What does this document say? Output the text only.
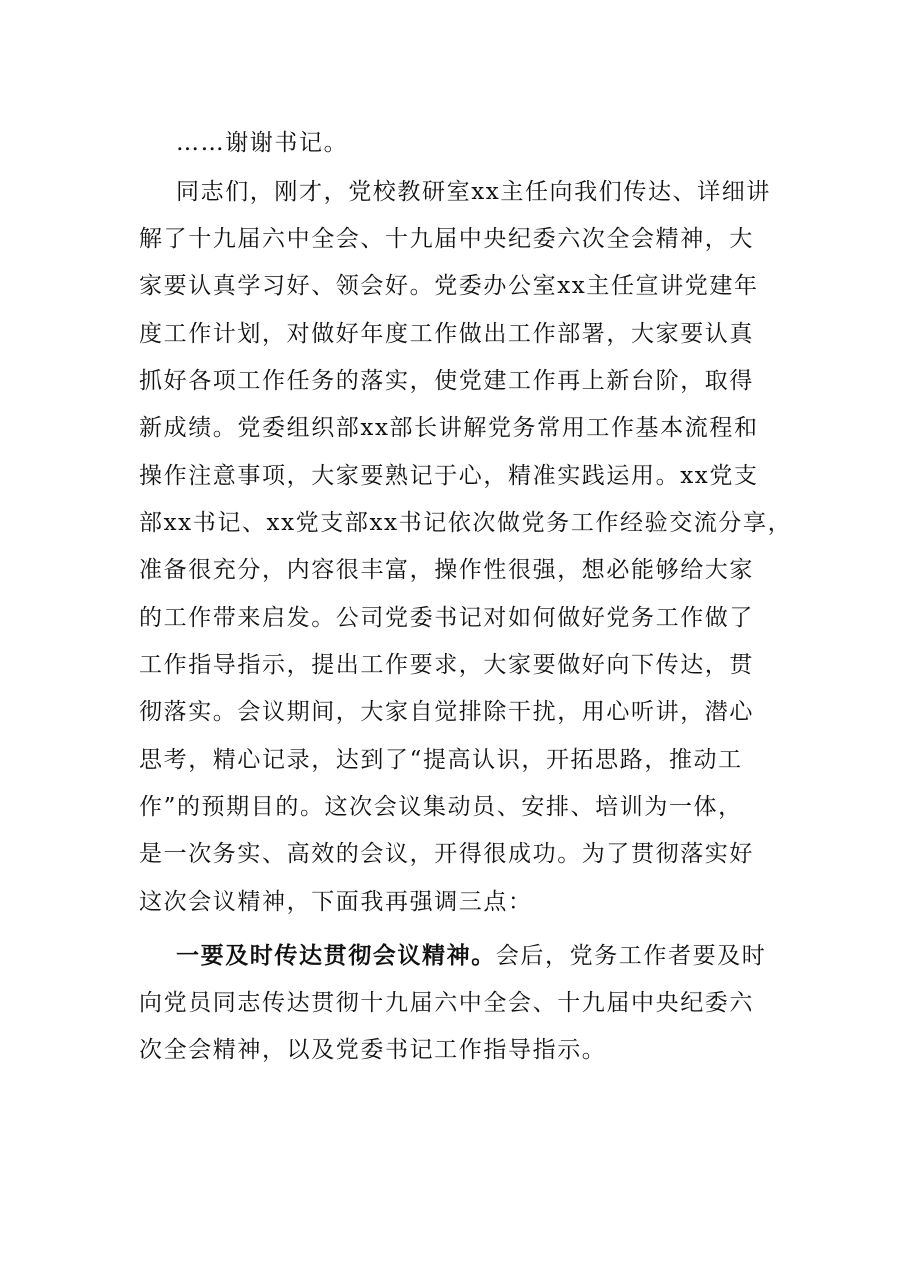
……谢谢书记。
同志们，刚才，党校教研室xx主任向我们传达、详细讲
解了十九届六中全会、十九届中央纪委六次全会精神，大
家要认真学习好、领会好。党委办公室xx主任宣讲党建年
度工作计划，对做好年度工作做出工作部署，大家要认真
抓好各项工作任务的落实，使党建工作再上新台阶，取得
新成绩。党委组织部xx部长讲解党务常用工作基本流程和
操作注意事项，大家要熟记于心，精准实践运用。xx党支
部xx书记、xx党支部xx书记依次做党务工作经验交流分享，
准备很充分，内容很丰富，操作性很强，想必能够给大家
的工作带来启发。公司党委书记对如何做好党务工作做了
工作指导指示，提出工作要求，大家要做好向下传达，贯
彻落实。会议期间，大家自觉排除干扰，用心听讲，潜心
思考，精心记录，达到了“提高认识，开拓思路，推动工
作”的预期目的。这次会议集动员、安排、培训为一体，
是一次务实、高效的会议，开得很成功。为了贯彻落实好
这次会议精神，下面我再强调三点：
一要及时传达贯彻会议精神。会后，党务工作者要及时
向党员同志传达贯彻十九届六中全会、十九届中央纪委六
次全会精神，以及党委书记工作指导指示。
